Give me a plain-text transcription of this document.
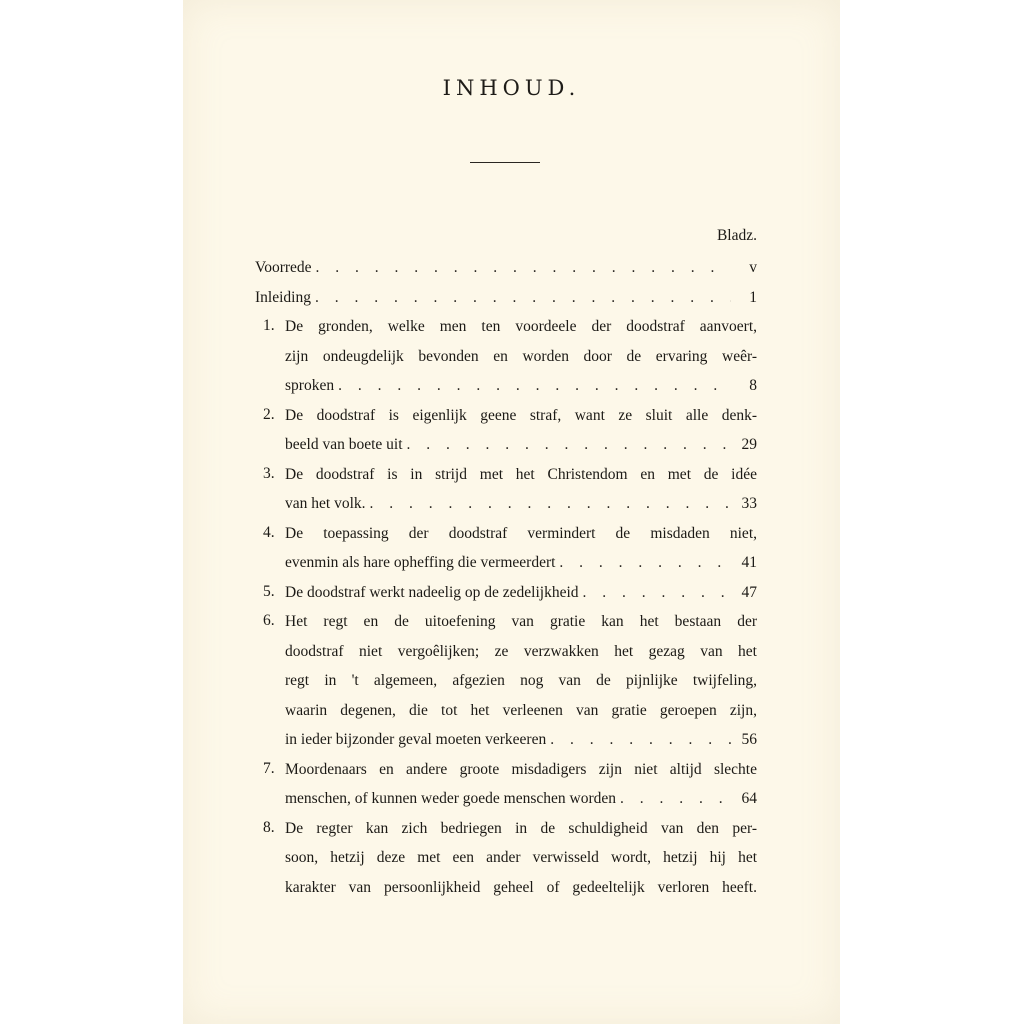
INHOUD.
Bladz.
Voorrede . . .	v
Inleiding . . .	1
1. De gronden, welke men ten voordeele der doodstraf aanvoert,
zijn ondeugdelijk bevonden en worden door de ervaring weêr-
sproken . . .	8
2. De doodstraf is eigenlijk geene straf, want ze sluit alle denk-
beeld van boete uit . . .	29
3. De doodstraf is in strijd met het Christendom en met de idée
van het volk. . . .	33
4. De toepassing der doodstraf vermindert de misdaden niet,
evenmin als hare opheffing die vermeerdert . . .	41
5. De doodstraf werkt nadeelig op de zedelijkheid . . .	47
6. Het regt en de uitoefening van gratie kan het bestaan der
doodstraf niet vergoêlijken; ze verzwakken het gezag van het
regt in 't algemeen, afgezien nog van de pijnlijke twijfeling,
waarin degenen, die tot het verleenen van gratie geroepen zijn,
in ieder bijzonder geval moeten verkeeren . . .	56
7. Moordenaars en andere groote misdadigers zijn niet altijd slechte
menschen, of kunnen weder goede menschen worden . . .	64
8. De regter kan zich bedriegen in de schuldigheid van den per-
soon, hetzij deze met een ander verwisseld wordt, hetzij hij het
karakter van persoonlijkheid geheel of gedeeltelijk verloren heeft.
